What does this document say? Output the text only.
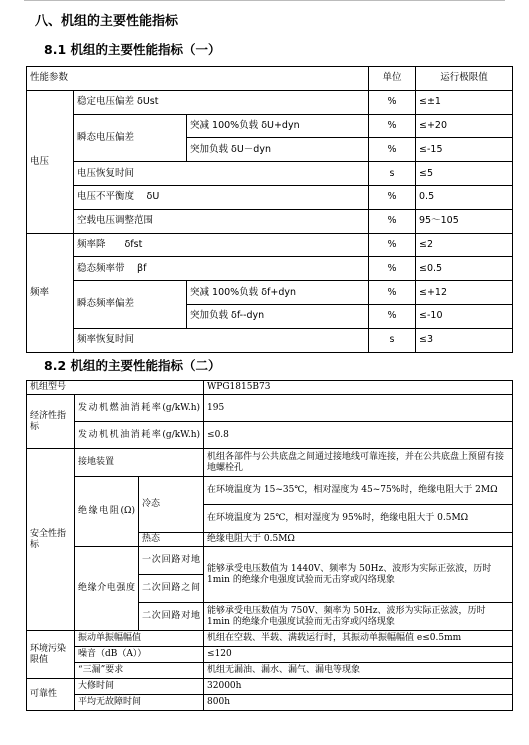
八、机组的主要性能指标
8.1 机组的主要性能指标（一）
性能参数			单位	运行极限值
电压	稳定电压偏差 δUst		%	≤±1
	瞬态电压偏差	突减 100%负载 δU+dyn	%	≤+20
		突加负载 δU－dyn	%	≤-15
	电压恢复时间		s	≤5
	电压不平衡度　 δU		%	0.5
	空载电压调整范围		%	95～105
频率	频率降　　δfst		%	≤2
	稳态频率带　 βf		%	≤0.5
	瞬态频率偏差	突减 100%负载 δf+dyn	%	≤+12
		突加负载 δf--dyn	%	≤-10
	频率恢复时间		s	≤3
8.2 机组的主要性能指标（二）
机组型号			WPG1815B73
经济性指标	发动机燃油消耗率(g/kW.h)		195
	发动机机油消耗率(g/kW.h)		≤0.8
安全性指标	接地装置		机组各部件与公共底盘之间通过接地线可靠连接，并在公共底盘上预留有接地螺栓孔
	绝缘电阻(Ω)	冷态	在环境温度为 15~35℃，相对湿度为 45~75%时，绝缘电阻大于 2MΩ
			在环境温度为 25℃，相对湿度为 95%时，绝缘电阻大于 0.5MΩ
		热态	绝缘电阻大于 0.5MΩ
	绝缘介电强度	一次回路对地	能够承受电压数值为 1440V、频率为 50Hz、波形为实际正弦波，历时 1min 的绝缘介电强度试验而无击穿或闪络现象
		二次回路之间	
		二次回路对地	能够承受电压数值为 750V、频率为 50Hz、波形为实际正弦波，历时 1min 的绝缘介电强度试验而无击穿或闪络现象
环境污染限值	振动单振幅幅值		机组在空载、半载、满载运行时，其振动单振幅幅值 e≤0.5mm
	噪音（dB（A））		≤120
	“三漏”要求		机组无漏油、漏水、漏气、漏电等现象
可靠性	大修时间		32000h
	平均无故障时间		800h
